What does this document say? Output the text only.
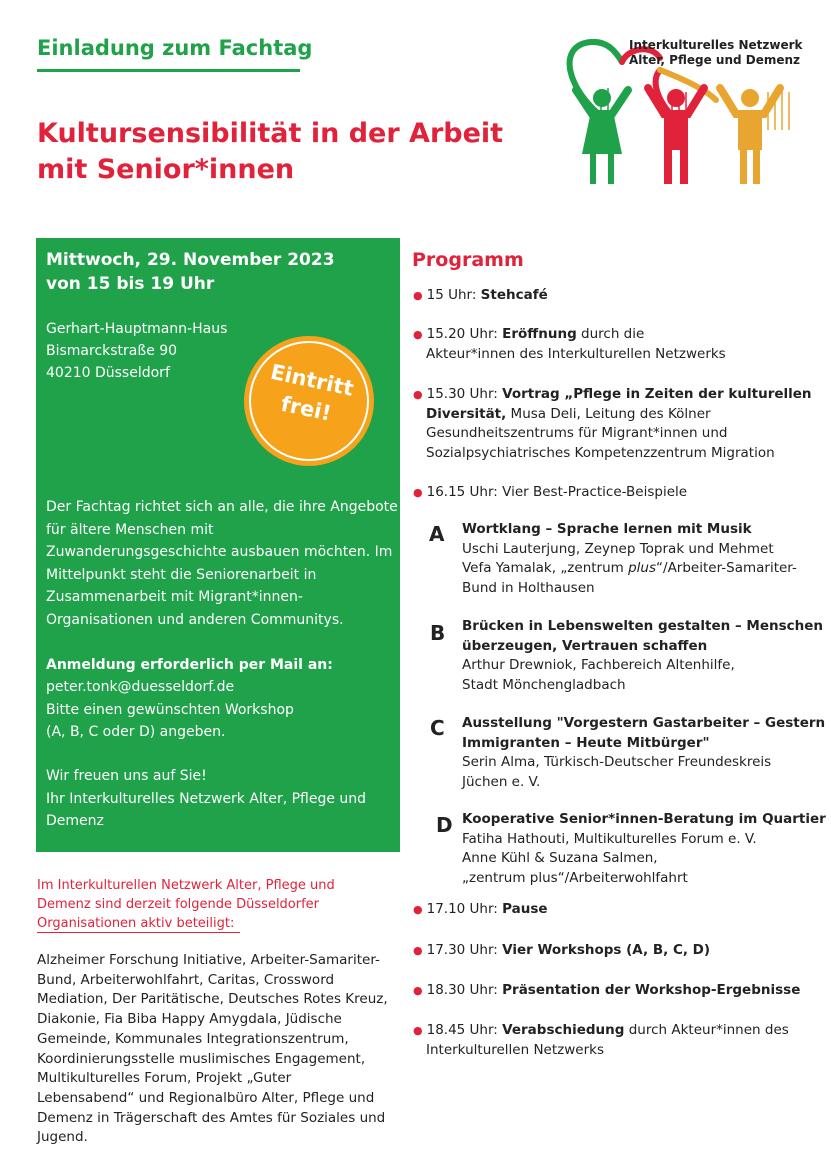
Einladung zum Fachtag
Kultursensibilität in der Arbeit
mit Senior*innen
Interkulturelles Netzwerk
Alter, Pflege und Demenz
Mittwoch, 29. November 2023
von 15 bis 19 Uhr
Gerhart-Hauptmann-Haus
Bismarckstraße 90
40210 Düsseldorf
Der Fachtag richtet sich an alle, die ihre Angebote für ältere Menschen mit Zuwanderungsgeschichte ausbauen möchten. Im Mittelpunkt steht die Seniorenarbeit in Zusammenarbeit mit Migrant*innen-Organisationen und anderen Communitys.
Anmeldung erforderlich per Mail an:
peter.tonk@duesseldorf.de
Bitte einen gewünschten Workshop
(A, B, C oder D) angeben.
Wir freuen uns auf Sie!
Ihr Interkulturelles Netzwerk Alter, Pflege und
Demenz
Eintritt
frei!
Im Interkulturellen Netzwerk Alter, Pflege und
Demenz sind derzeit folgende Düsseldorfer
Organisationen aktiv beteiligt:
Alzheimer Forschung Initiative, Arbeiter-Samariter-
Bund, Arbeiterwohlfahrt, Caritas, Crossword
Mediation, Der Paritätische, Deutsches Rotes Kreuz,
Diakonie, Fia Biba Happy Amygdala, Jüdische
Gemeinde, Kommunales Integrationszentrum,
Koordinierungsstelle muslimisches Engagement,
Multikulturelles Forum, Projekt „Guter
Lebensabend“ und Regionalbüro Alter, Pflege und
Demenz in Trägerschaft des Amtes für Soziales und
Jugend.
Programm
● 15 Uhr: Stehcafé
● 15.20 Uhr: Eröffnung durch die
Akteur*innen des Interkulturellen Netzwerks
● 15.30 Uhr: Vortrag „Pflege in Zeiten der kulturellen
Diversität, Musa Deli, Leitung des Kölner
Gesundheitszentrums für Migrant*innen und
Sozialpsychiatrisches Kompetenzzentrum Migration
● 16.15 Uhr: Vier Best-Practice-Beispiele
A Wortklang – Sprache lernen mit Musik
Uschi Lauterjung, Zeynep Toprak und Mehmet
Vefa Yamalak, „zentrum plus“/Arbeiter-Samariter-
Bund in Holthausen
B Brücken in Lebenswelten gestalten – Menschen
überzeugen, Vertrauen schaffen
Arthur Drewniok, Fachbereich Altenhilfe,
Stadt Mönchengladbach
C Ausstellung "Vorgestern Gastarbeiter – Gestern
Immigranten – Heute Mitbürger"
Serin Alma, Türkisch-Deutscher Freundeskreis
Jüchen e. V.
D Kooperative Senior*innen-Beratung im Quartier
Fatiha Hathouti, Multikulturelles Forum e. V.
Anne Kühl & Suzana Salmen,
„zentrum plus“/Arbeiterwohlfahrt
● 17.10 Uhr: Pause
● 17.30 Uhr: Vier Workshops (A, B, C, D)
● 18.30 Uhr: Präsentation der Workshop-Ergebnisse
● 18.45 Uhr: Verabschiedung durch Akteur*innen des
Interkulturellen Netzwerks
